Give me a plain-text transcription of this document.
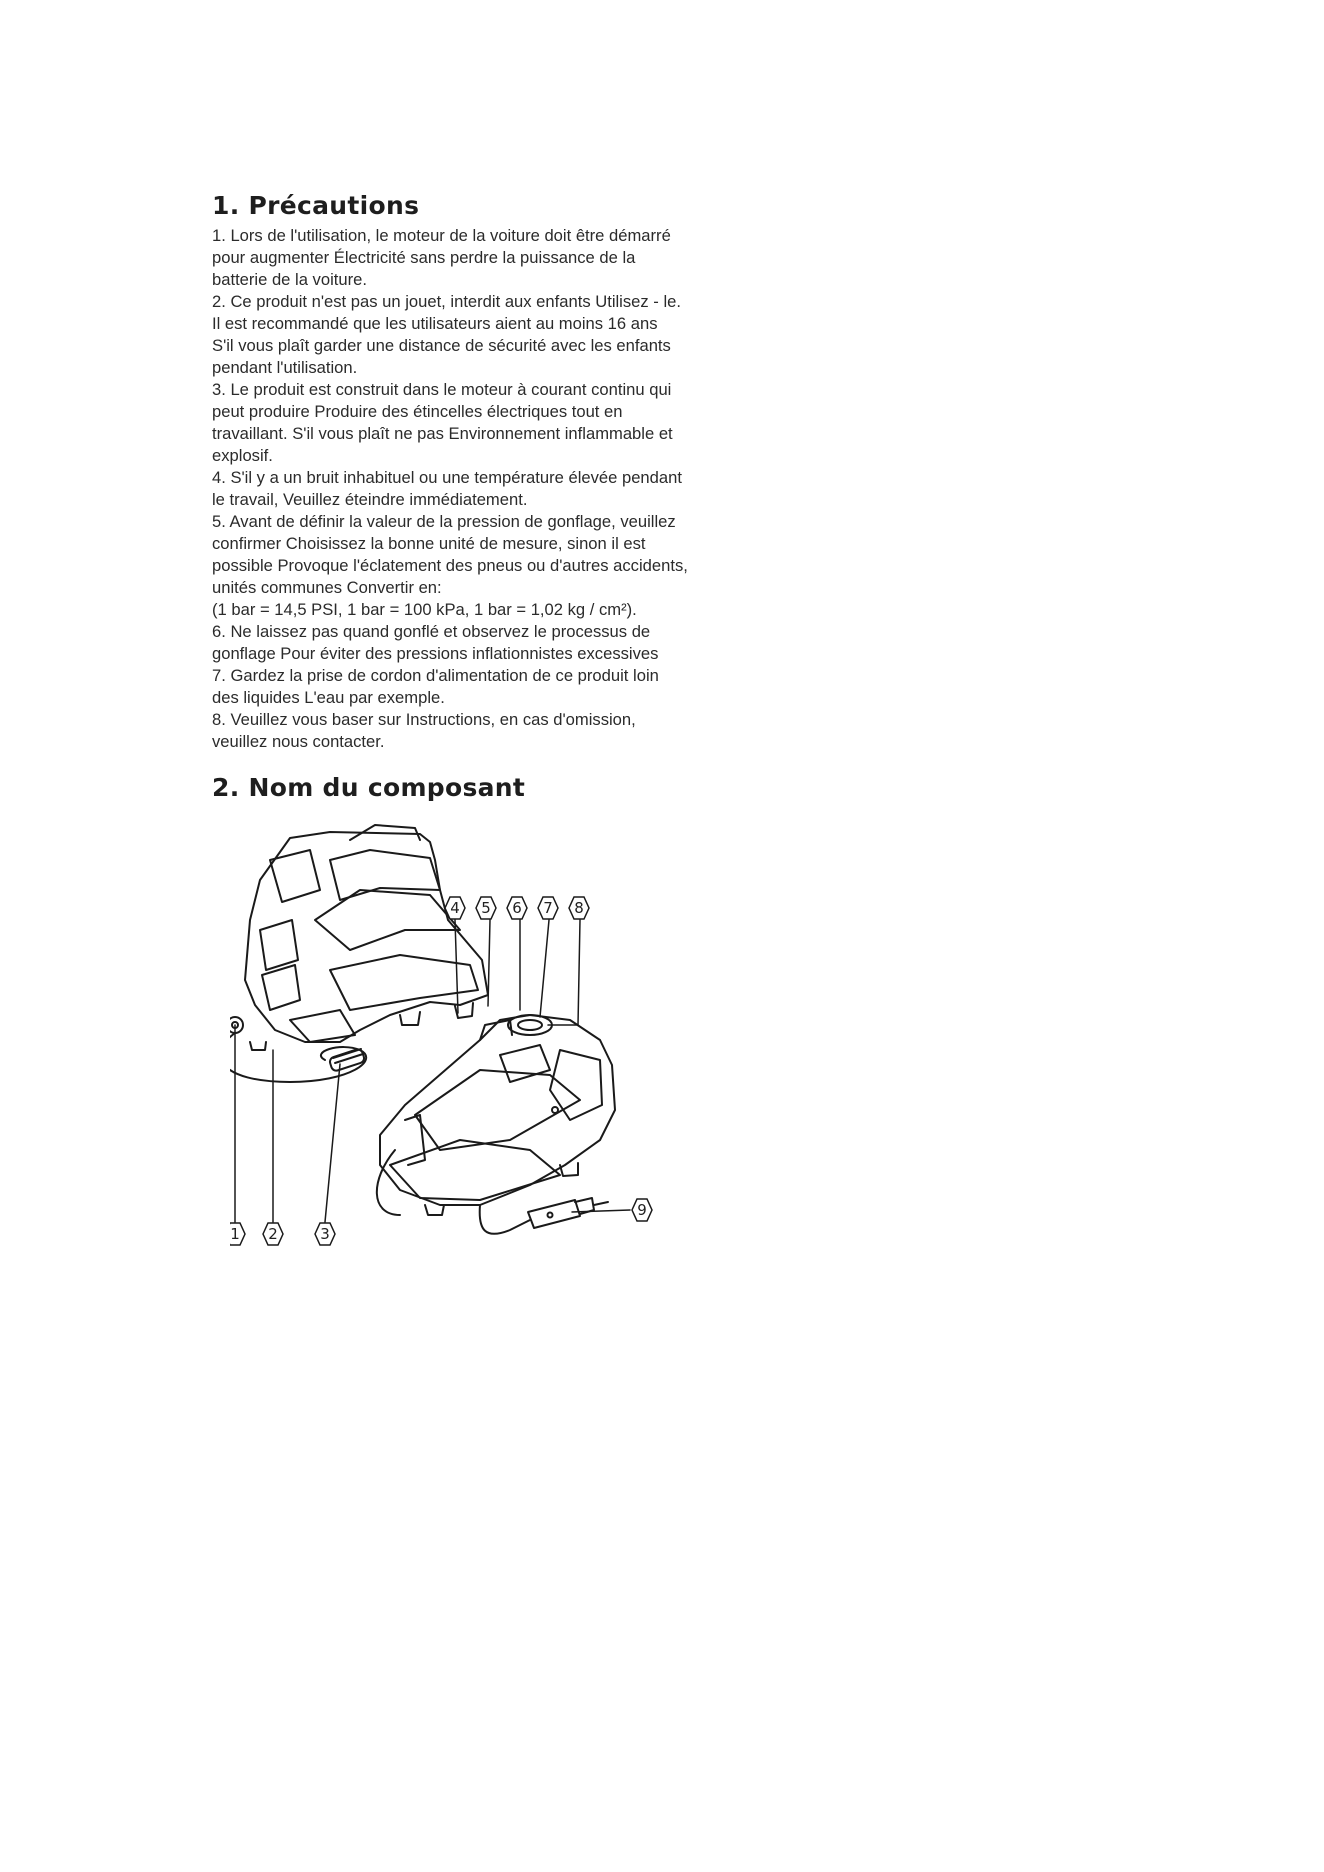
1. Précautions
1. Lors de l'utilisation, le moteur de la voiture doit être démarré
pour augmenter Électricité sans perdre la puissance de la
batterie de la voiture.
2. Ce produit n'est pas un jouet, interdit aux enfants Utilisez - le.
Il est recommandé que les utilisateurs aient au moins 16 ans
S'il vous plaît garder une distance de sécurité avec les enfants
pendant l'utilisation.
3. Le produit est construit dans le moteur à courant continu qui
peut produire Produire des étincelles électriques tout en
travaillant. S'il vous plaît ne pas Environnement inflammable et
explosif.
4. S'il y a un bruit inhabituel ou une température élevée pendant
le travail, Veuillez éteindre immédiatement.
5. Avant de définir la valeur de la pression de gonflage, veuillez
confirmer Choisissez la bonne unité de mesure, sinon il est
possible Provoque l'éclatement des pneus ou d'autres accidents,
unités communes Convertir en:
(1 bar = 14,5 PSI, 1 bar = 100 kPa, 1 bar = 1,02 kg / cm²).
6. Ne laissez pas quand gonflé et observez le processus de
gonflage Pour éviter des pressions inflationnistes excessives
7. Gardez la prise de cordon d'alimentation de ce produit loin
des liquides L'eau par exemple.
8. Veuillez vous baser sur Instructions, en cas d'omission,
veuillez nous contacter.
2. Nom du composant
1 2	3
4 5 6 7 8
9
